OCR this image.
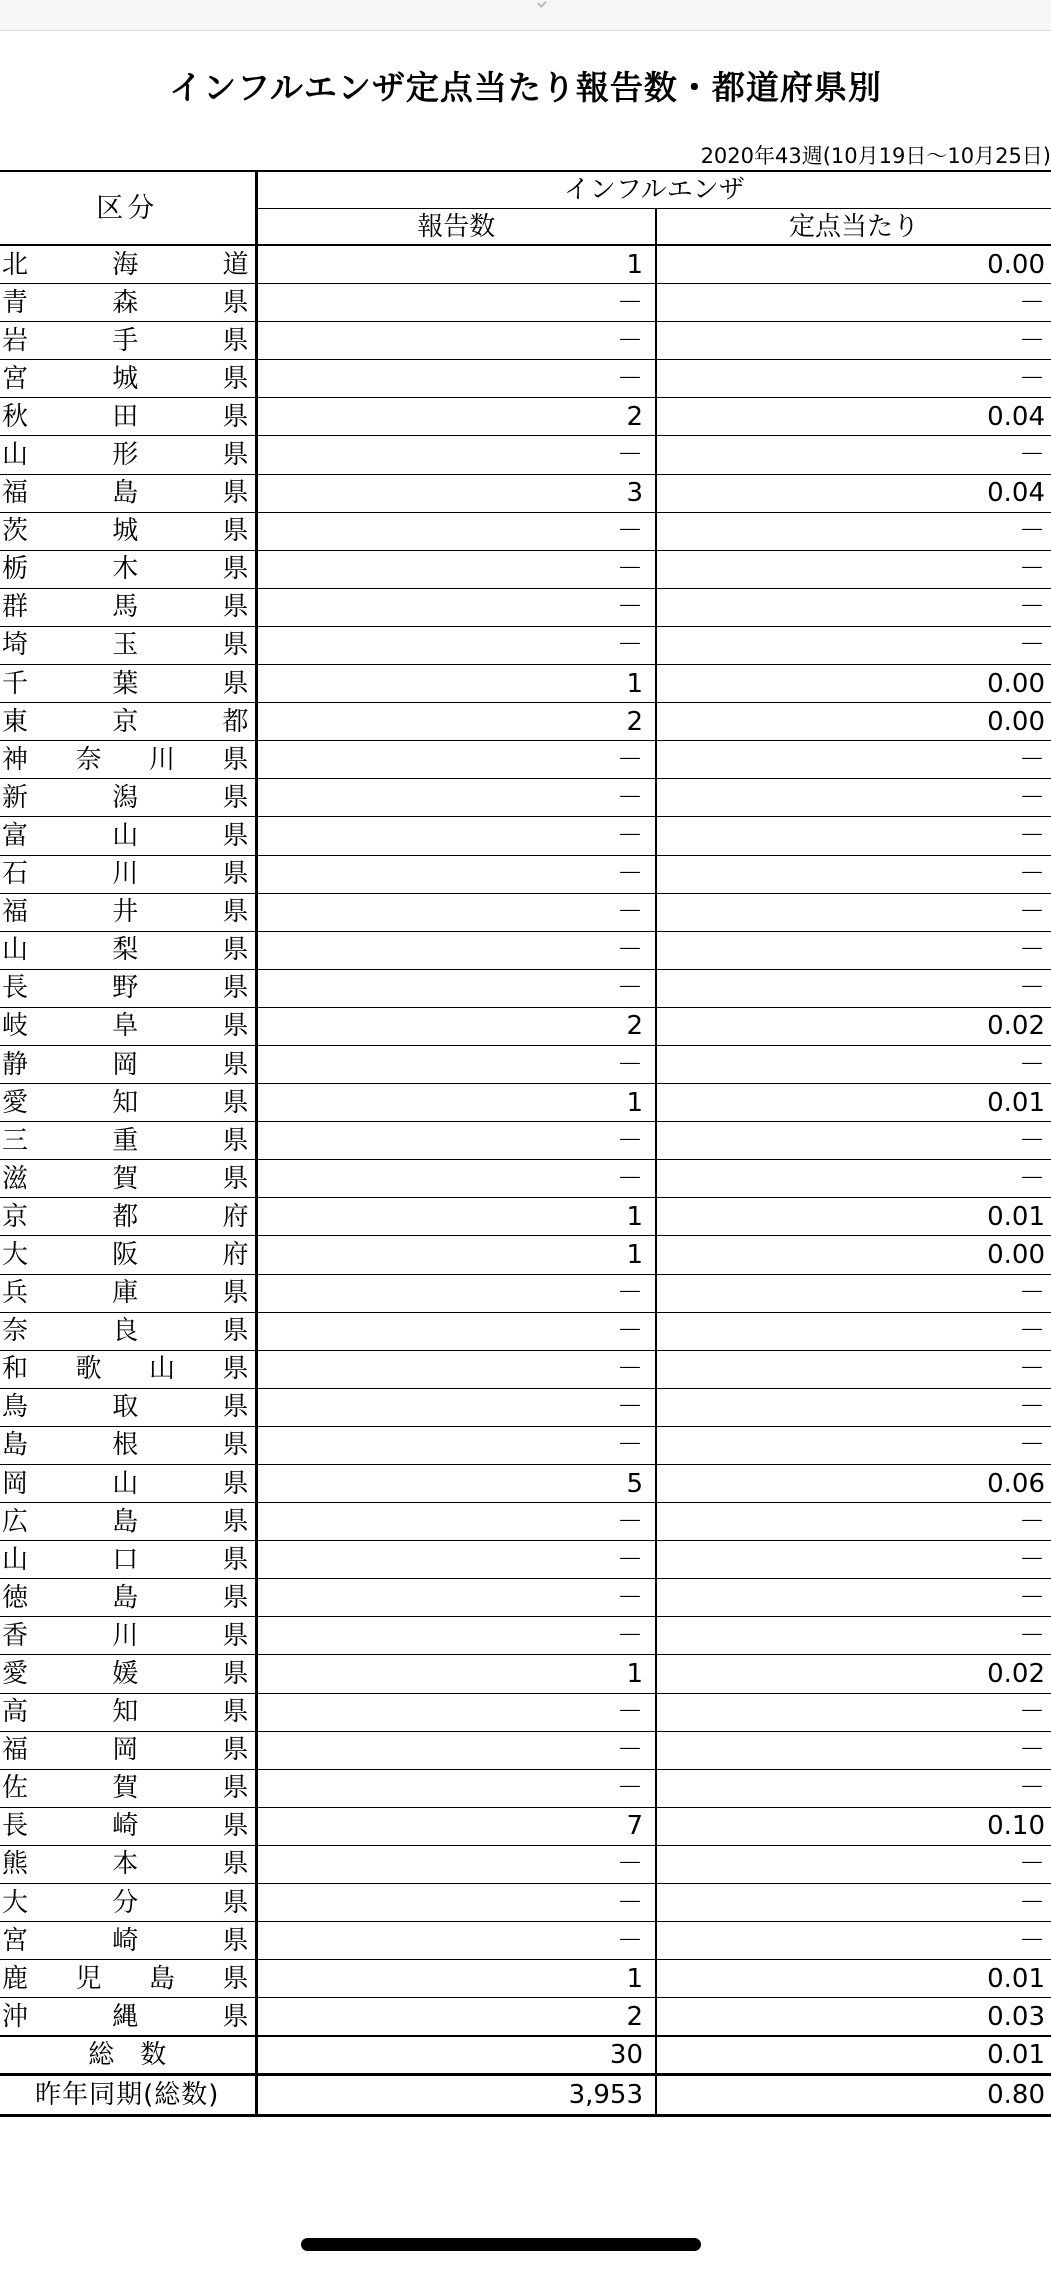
インフルエンザ定点当たり報告数・都道府県別
2020年43週(10月19日～10月25日)
区分	インフルエンザ	
	報告数	定点当たり

北 海 道	1	0.00

青 森 県	－	－

岩 手 県	－	－

宮 城 県	－	－

秋 田 県	2	0.04

山 形 県	－	－

福 島 県	3	0.04

茨 城 県	－	－

栃 木 県	－	－

群 馬 県	－	－

埼 玉 県	－	－

千 葉 県	1	0.00

東 京 都	2	0.00

神 奈 川 県	－	－

新 潟 県	－	－

富 山 県	－	－

石 川 県	－	－

福 井 県	－	－

山 梨 県	－	－

長 野 県	－	－

岐 阜 県	2	0.02

静 岡 県	－	－

愛 知 県	1	0.01

三 重 県	－	－

滋 賀 県	－	－

京 都 府	1	0.01

大 阪 府	1	0.00

兵 庫 県	－	－

奈 良 県	－	－

和 歌 山 県	－	－

鳥 取 県	－	－

島 根 県	－	－

岡 山 県	5	0.06

広 島 県	－	－

山 口 県	－	－

徳 島 県	－	－

香 川 県	－	－

愛 媛 県	1	0.02

高 知 県	－	－

福 岡 県	－	－

佐 賀 県	－	－

長 崎 県	7	0.10

熊 本 県	－	－

大 分 県	－	－

宮 崎 県	－	－

鹿 児 島 県	1	0.01

沖 縄 県	2	0.03
総　数	30	0.01
昨年同期(総数)	3,953	0.80
